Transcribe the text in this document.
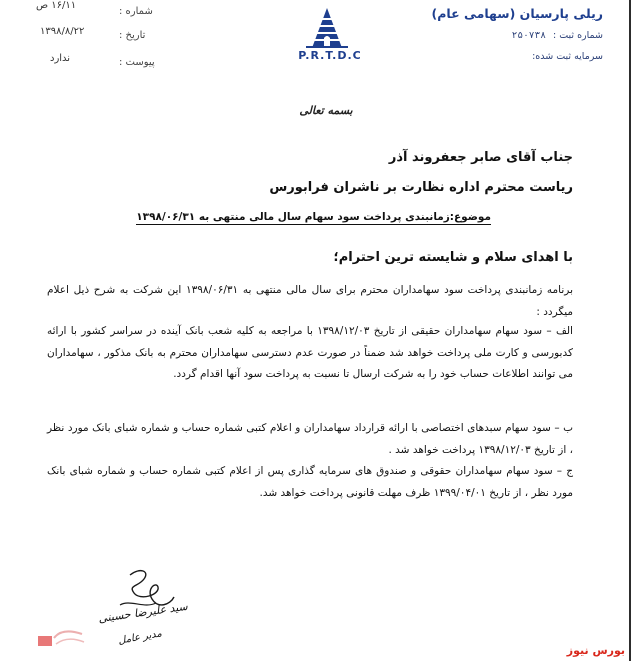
ریلی پارسیان (سهامی عام)
شماره ثبت : ۲۵۰۷۳۸
سرمایه ثبت شده:
P.R.T.D.C
شماره :
تاریخ :
پیوست :
۱۶/۱۱ ص
۱۳۹۸/۸/۲۲
ندارد
بسمه تعالی
جناب آقای صابر جعفروند آذر
ریاست محترم اداره نظارت بر ناشران فرابورس
موضوع:زمانبندی پرداخت سود سهام سال مالی منتهی به ۱۳۹۸/۰۶/۳۱
با اهدای سلام و شایسته ترین احترام؛

برنامه زمانبندی پرداخت سود سهامداران محترم برای سال مالی منتهی به ۱۳۹۸/۰۶/۳۱ این شرکت به شرح ذیل اعلام میگردد :

الف – سود سهام سهامداران حقیقی از تاریخ ۱۳۹۸/۱۲/۰۳ با مراجعه به کلیه شعب بانک آینده در سراسر کشور با ارائه کدبورسی و کارت ملی پرداخت خواهد شد ضمناً در صورت عدم دسترسی سهامداران محترم به بانک مذکور ، سهامداران می توانند اطلاعات حساب خود را به شرکت ارسال تا نسبت به پرداخت سود آنها اقدام گردد.

ب – سود سهام سبدهای اختصاصی با ارائه قرارداد سهامداران و اعلام کتبی شماره حساب و شماره شبای بانک مورد نظر ، از تاریخ ۱۳۹۸/۱۲/۰۳ پرداخت خواهد شد .

ج – سود سهام سهامداران حقوقی و صندوق های سرمایه گذاری پس از اعلام کتبی شماره حساب و شماره شبای بانک مورد نظر ، از تاریخ ۱۳۹۹/۰۴/۰۱ ظرف مهلت قانونی پرداخت خواهد شد.

سید علیرضا حسینی
مدیر عامل
بورس نیوز
